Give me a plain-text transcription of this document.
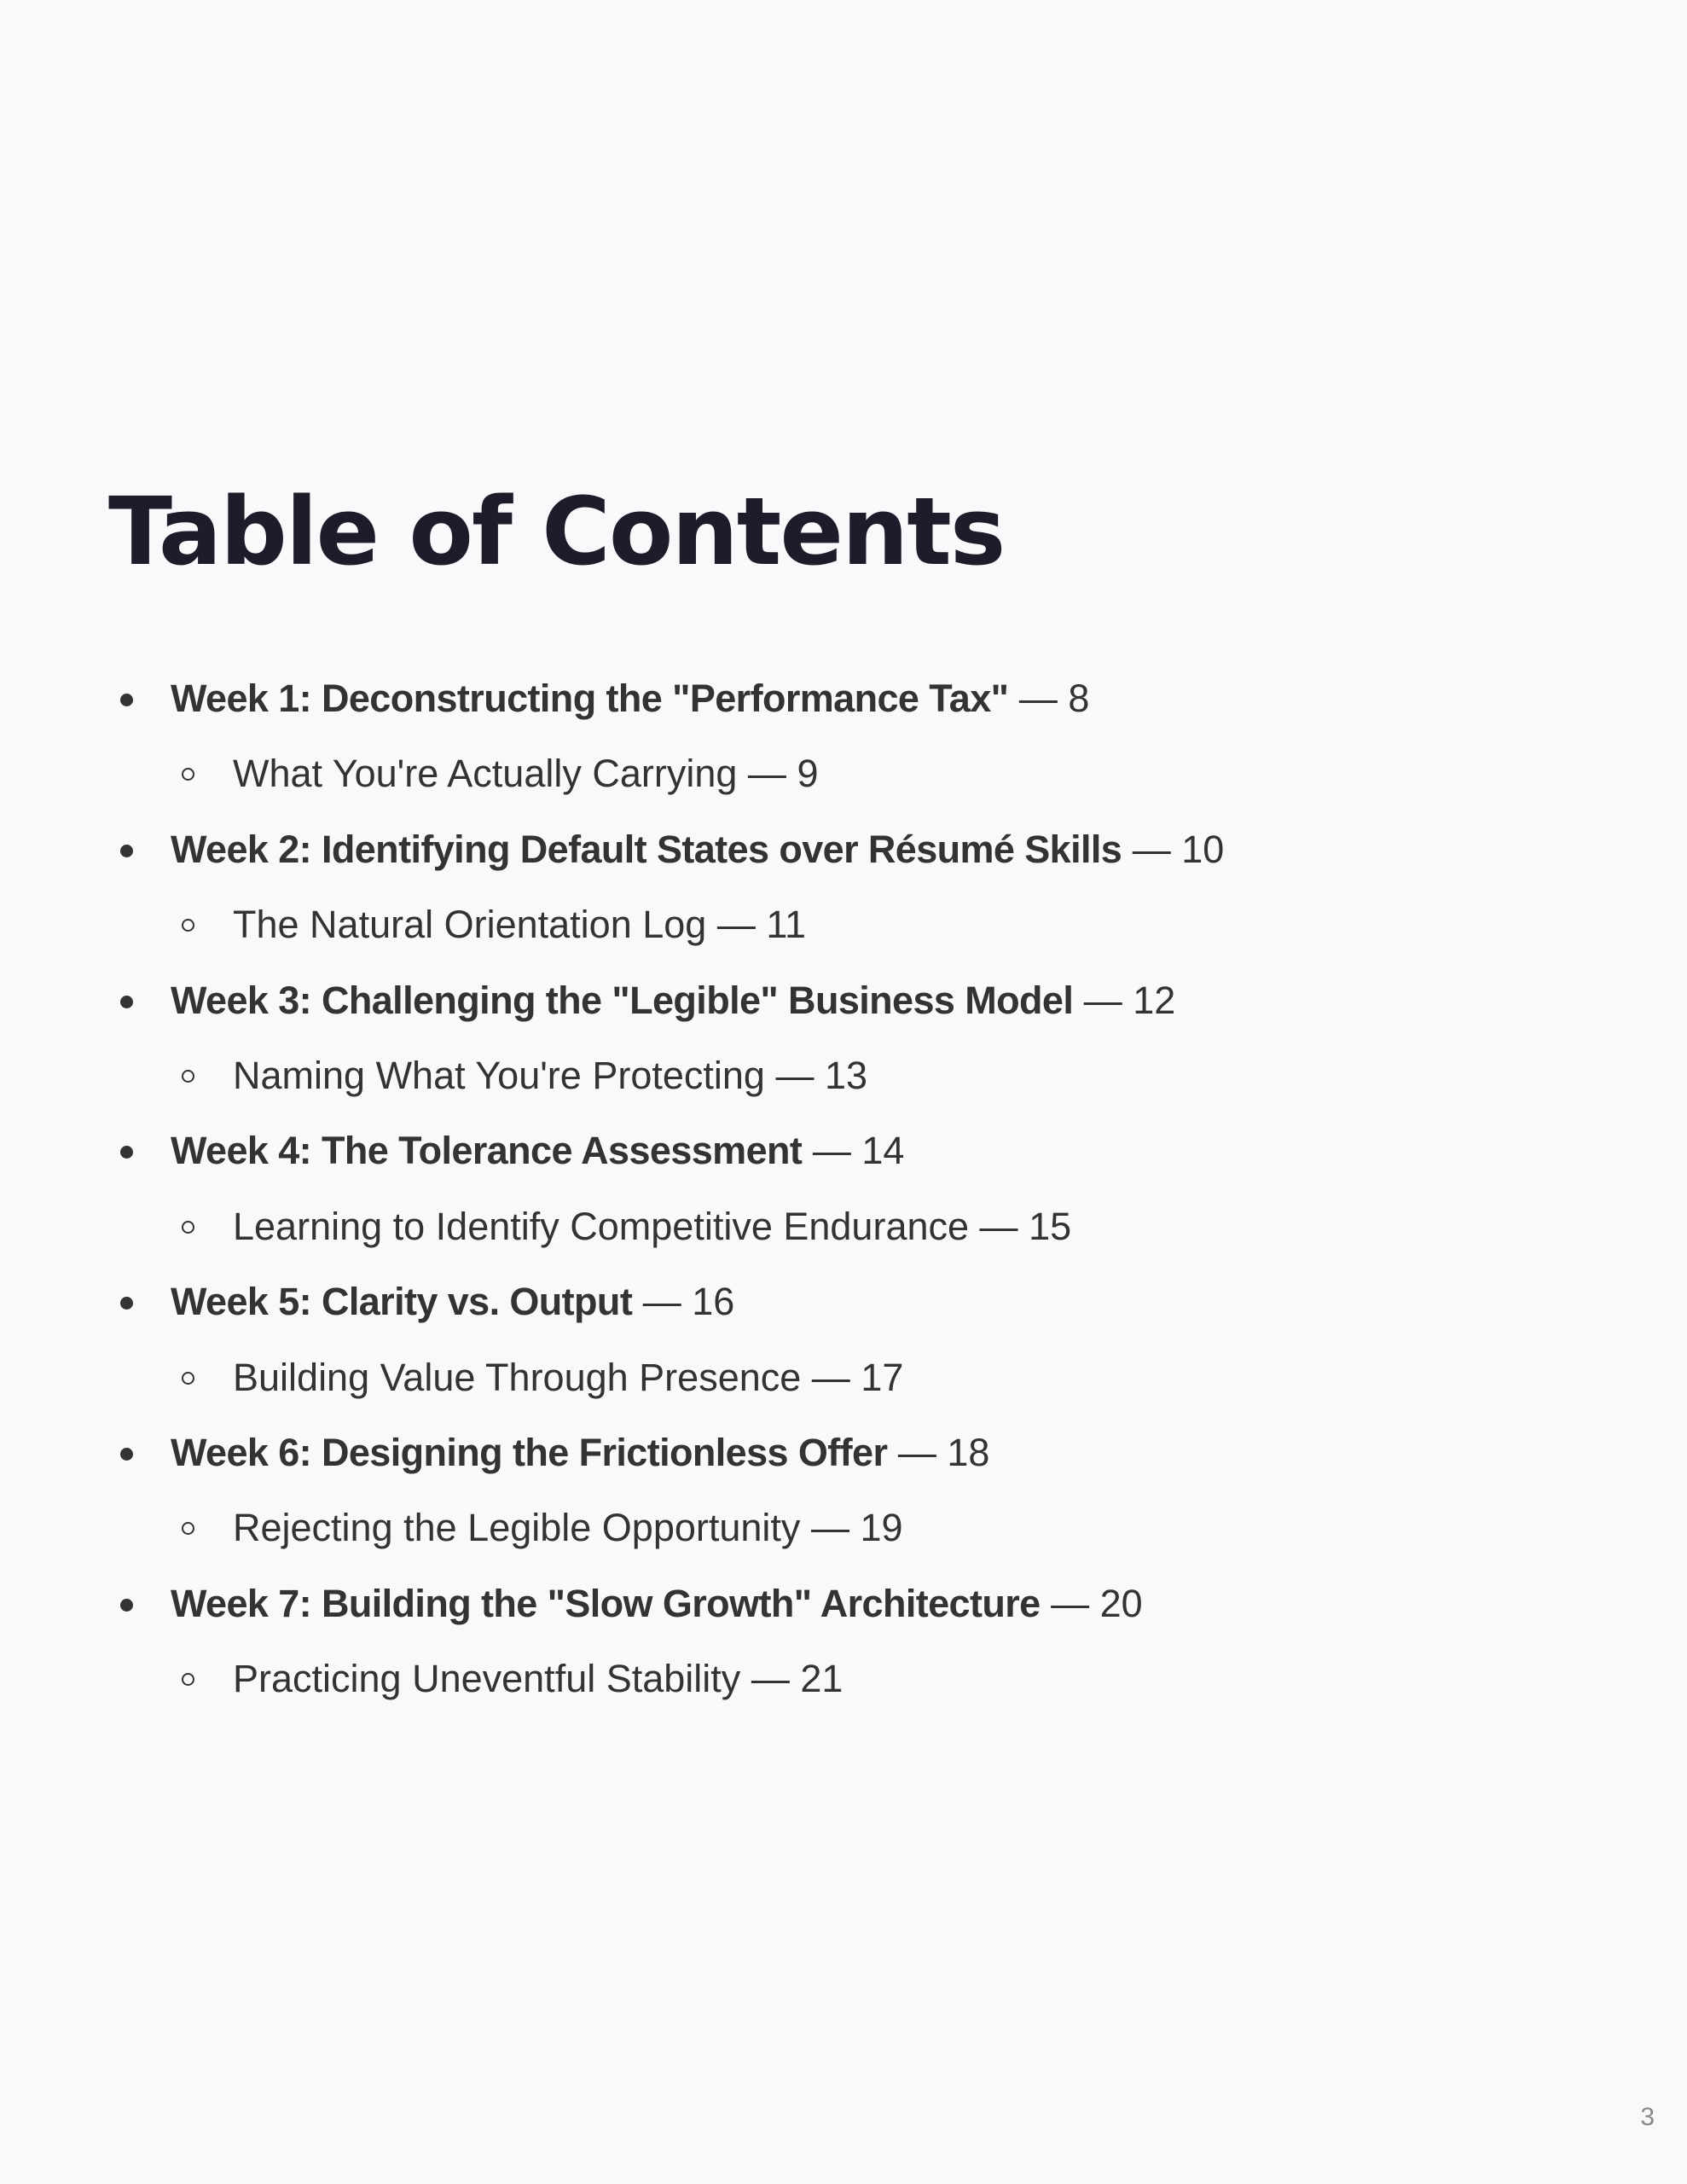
Table of Contents
Week 1: Deconstructing the "Performance Tax" — 8
What You're Actually Carrying — 9
Week 2: Identifying Default States over Résumé Skills — 10
The Natural Orientation Log — 11
Week 3: Challenging the "Legible" Business Model — 12
Naming What You're Protecting — 13
Week 4: The Tolerance Assessment — 14
Learning to Identify Competitive Endurance — 15
Week 5: Clarity vs. Output — 16
Building Value Through Presence — 17
Week 6: Designing the Frictionless Offer — 18
Rejecting the Legible Opportunity — 19
Week 7: Building the "Slow Growth" Architecture — 20
Practicing Uneventful Stability — 21
3
